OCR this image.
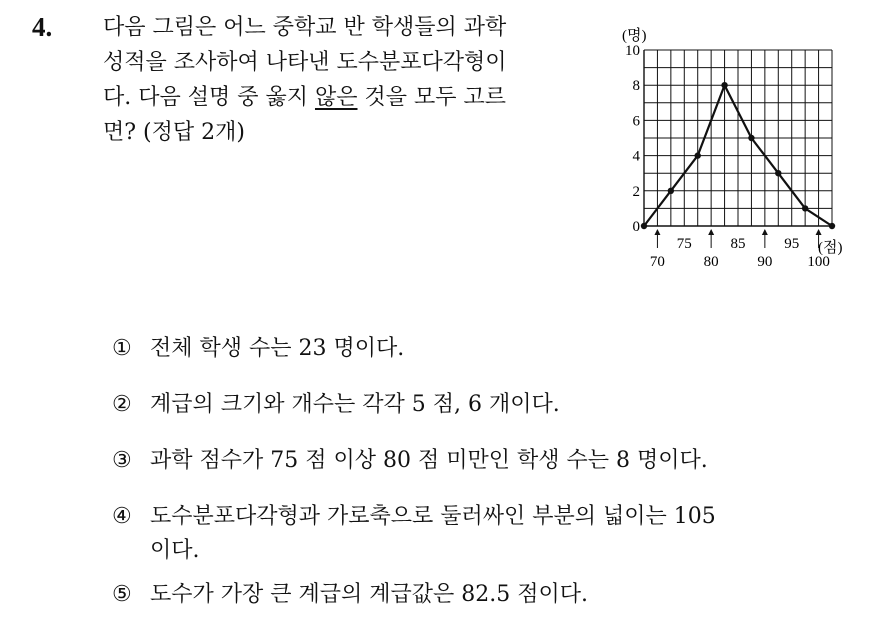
4. 다음 그림은 어느 중학교 반 학생들의 과학
성적을 조사하여 나타낸 도수분포다각형이
다. 다음 설명 중 옳지 않은 것을 모두 고르
면? (정답 2개)
0
2
4
6
8
10
(명)
(점)
75	85	95
70	80	90 100
① 전체 학생 수는 23 명이다.
② 계급의 크기와 개수는 각각 5 점, 6 개이다.
③ 과학 점수가 75 점 이상 80 점 미만인 학생 수는 8 명이다.
④ 도수분포다각형과 가로축으로 둘러싸인 부분의 넓이는 105
이다.
⑤ 도수가 가장 큰 계급의 계급값은 82.5 점이다.
